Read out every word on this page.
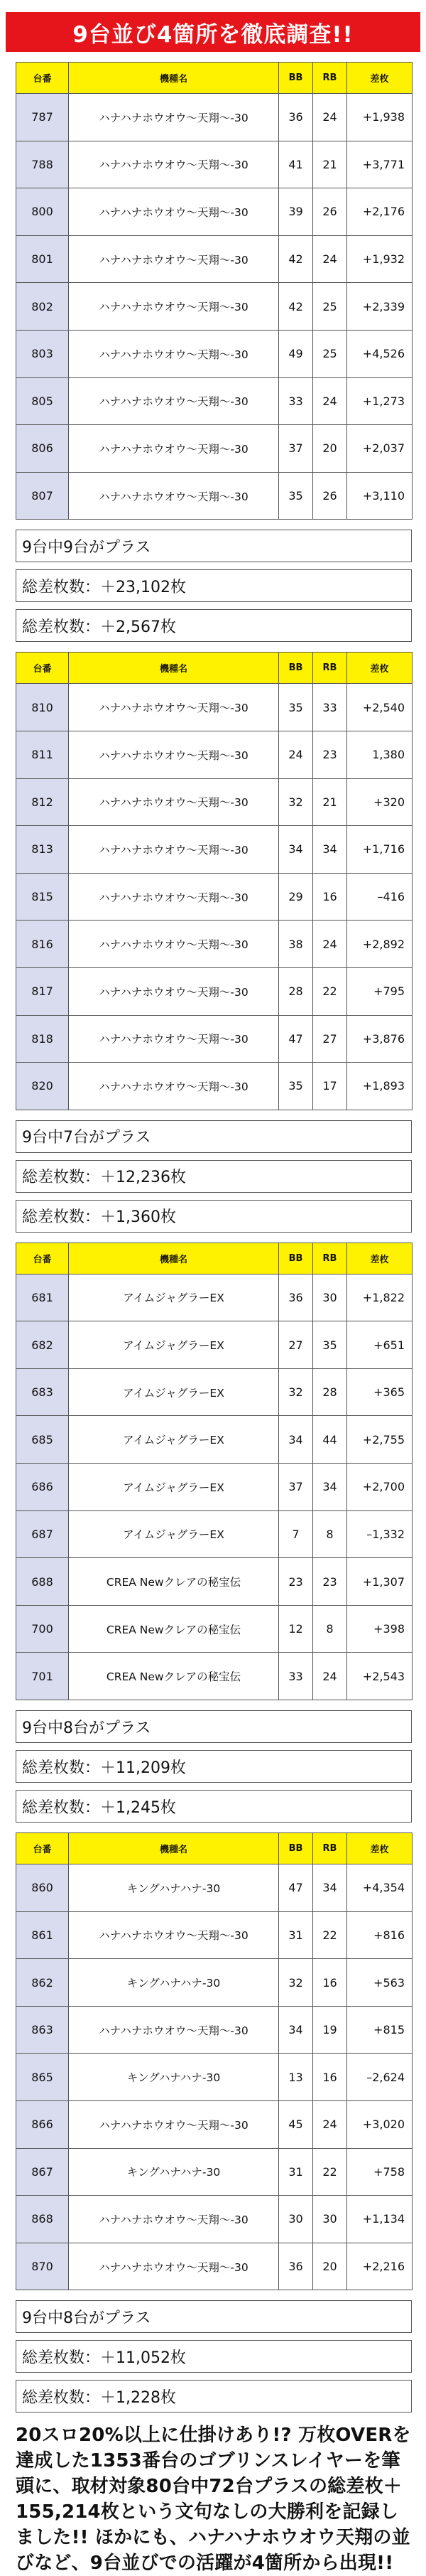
9台並び4箇所を徹底調査!!
台番	機種名	BB	RB	差枚
787	ハナハナホウオウ〜天翔〜-30	36	24	+1,938
788	ハナハナホウオウ〜天翔〜-30	41	21	+3,771
800	ハナハナホウオウ〜天翔〜-30	39	26	+2,176
801	ハナハナホウオウ〜天翔〜-30	42	24	+1,932
802	ハナハナホウオウ〜天翔〜-30	42	25	+2,339
803	ハナハナホウオウ〜天翔〜-30	49	25	+4,526
805	ハナハナホウオウ〜天翔〜-30	33	24	+1,273
806	ハナハナホウオウ〜天翔〜-30	37	20	+2,037
807	ハナハナホウオウ〜天翔〜-30	35	26	+3,110
9台中9台がプラス
総差枚数：＋23,102枚
総差枚数：＋2,567枚
台番	機種名	BB	RB	差枚
810	ハナハナホウオウ〜天翔〜-30	35	33	+2,540
811	ハナハナホウオウ〜天翔〜-30	24	23	1,380
812	ハナハナホウオウ〜天翔〜-30	32	21	+320
813	ハナハナホウオウ〜天翔〜-30	34	34	+1,716
815	ハナハナホウオウ〜天翔〜-30	29	16	–416
816	ハナハナホウオウ〜天翔〜-30	38	24	+2,892
817	ハナハナホウオウ〜天翔〜-30	28	22	+795
818	ハナハナホウオウ〜天翔〜-30	47	27	+3,876
820	ハナハナホウオウ〜天翔〜-30	35	17	+1,893
9台中7台がプラス
総差枚数：＋12,236枚
総差枚数：＋1,360枚
台番	機種名	BB	RB	差枚
681	アイムジャグラーEX	36	30	+1,822
682	アイムジャグラーEX	27	35	+651
683	アイムジャグラーEX	32	28	+365
685	アイムジャグラーEX	34	44	+2,755
686	アイムジャグラーEX	37	34	+2,700
687	アイムジャグラーEX	7	8	–1,332
688	CREA Newクレアの秘宝伝	23	23	+1,307
700	CREA Newクレアの秘宝伝	12	8	+398
701	CREA Newクレアの秘宝伝	33	24	+2,543
9台中8台がプラス
総差枚数：＋11,209枚
総差枚数：＋1,245枚
台番	機種名	BB	RB	差枚
860	キングハナハナ-30	47	34	+4,354
861	ハナハナホウオウ〜天翔〜-30	31	22	+816
862	キングハナハナ-30	32	16	+563
863	ハナハナホウオウ〜天翔〜-30	34	19	+815
865	キングハナハナ-30	13	16	–2,624
866	ハナハナホウオウ〜天翔〜-30	45	24	+3,020
867	キングハナハナ-30	31	22	+758
868	ハナハナホウオウ〜天翔〜-30	30	30	+1,134
870	ハナハナホウオウ〜天翔〜-30	36	20	+2,216
9台中8台がプラス
総差枚数：＋11,052枚
総差枚数：＋1,228枚
20スロ20%以上に仕掛けあり!? 万枚OVERを達成した1353番台のゴブリンスレイヤーを筆頭に、取材対象80台中72台プラスの総差枚＋155,214枚という文句なしの大勝利を記録しました!! ほかにも、ハナハナホウオウ天翔の並びなど、9台並びでの活躍が4箇所から出現!!
